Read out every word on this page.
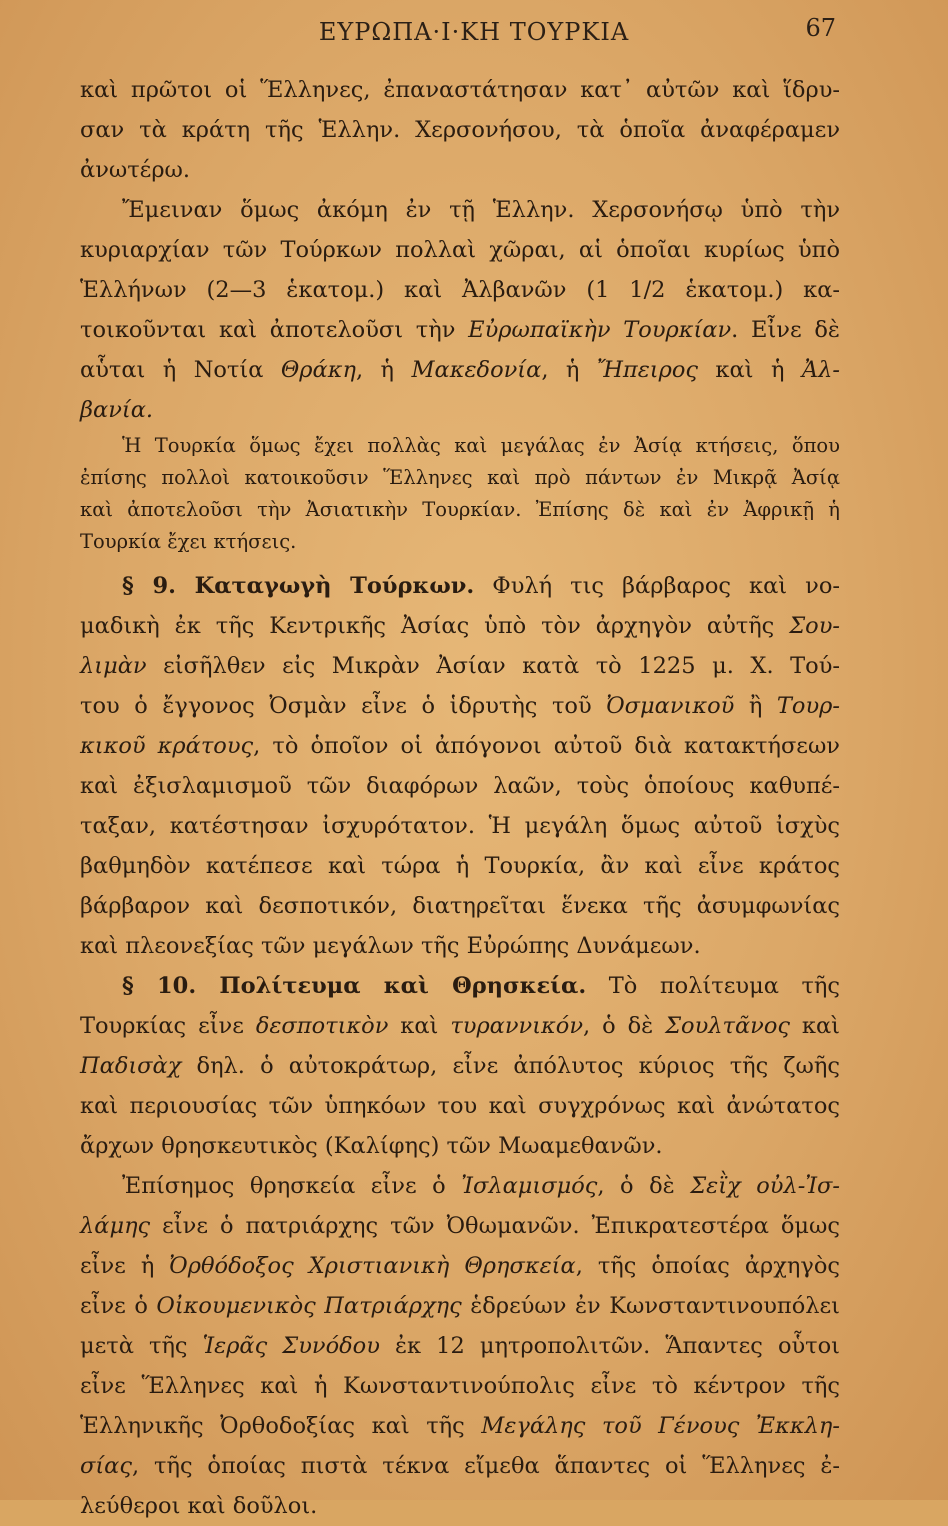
ΕΥΡΩΠΑ·Ι·ΚΗ ΤΟΥΡΚΙΑ	67
καὶ πρῶτοι οἱ Ἕλληνες, ἐπαναστάτησαν κατ᾽ αὐτῶν καὶ ἵδρυ-
σαν τὰ κράτη τῆς Ἑλλην. Χερσονήσου, τὰ ὁποῖα ἀναφέραμεν
ἀνωτέρω.
Ἔμειναν ὅμως ἀκόμη ἐν τῇ Ἑλλην. Χερσονήσῳ ὑπὸ τὴν
κυριαρχίαν τῶν Τούρκων πολλαὶ χῶραι, αἱ ὁποῖαι κυρίως ὑπὸ
Ἑλλήνων (2—3 ἑκατομ.) καὶ Ἀλβανῶν (1 1/2 ἑκατομ.) κα-
τοικοῦνται καὶ ἀποτελοῦσι τὴν Εὐρωπαϊκὴν Τουρκίαν. Εἶνε δὲ
αὗται ἡ Νοτία Θράκη, ἡ Μακεδονία, ἡ Ἤπειρος καὶ ἡ Ἀλ-
βανία.
Ἡ Τουρκία ὅμως ἔχει πολλὰς καὶ μεγάλας ἐν Ἀσίᾳ κτήσεις, ὅπου
ἐπίσης πολλοὶ κατοικοῦσιν Ἕλληνες καὶ πρὸ πάντων ἐν Μικρᾷ Ἀσίᾳ
καὶ ἀποτελοῦσι τὴν Ἀσιατικὴν Τουρκίαν. Ἐπίσης δὲ καὶ ἐν Ἀφρικῇ ἡ
Τουρκία ἔχει κτήσεις.
§ 9. Καταγωγὴ Τούρκων. Φυλή τις βάρβαρος καὶ νο-
μαδικὴ ἐκ τῆς Κεντρικῆς Ἀσίας ὑπὸ τὸν ἀρχηγὸν αὐτῆς Σου-
λιμὰν εἰσῆλθεν εἰς Μικρὰν Ἀσίαν κατὰ τὸ 1225 μ. Χ. Τού-
του ὁ ἔγγονος Ὀσμὰν εἶνε ὁ ἱδρυτὴς τοῦ Ὀσμανικοῦ ἢ Τουρ-
κικοῦ κράτους, τὸ ὁποῖον οἱ ἀπόγονοι αὐτοῦ διὰ κατακτήσεων
καὶ ἐξισλαμισμοῦ τῶν διαφόρων λαῶν, τοὺς ὁποίους καθυπέ-
ταξαν, κατέστησαν ἰσχυρότατον. Ἡ μεγάλη ὅμως αὐτοῦ ἰσχὺς
βαθμηδὸν κατέπεσε καὶ τώρα ἡ Τουρκία, ἂν καὶ εἶνε κράτος
βάρβαρον καὶ δεσποτικόν, διατηρεῖται ἕνεκα τῆς ἀσυμφωνίας
καὶ πλεονεξίας τῶν μεγάλων τῆς Εὐρώπης Δυνάμεων.
§ 10. Πολίτευμα καὶ Θρησκεία. Τὸ πολίτευμα τῆς
Τουρκίας εἶνε δεσποτικὸν καὶ τυραννικόν, ὁ δὲ Σουλτᾶνος καὶ
Παδισὰχ δηλ. ὁ αὐτοκράτωρ, εἶνε ἀπόλυτος κύριος τῆς ζωῆς
καὶ περιουσίας τῶν ὑπηκόων του καὶ συγχρόνως καὶ ἀνώτατος
ἄρχων θρησκευτικὸς (Καλίφης) τῶν Μωαμεθανῶν.
Ἐπίσημος θρησκεία εἶνε ὁ Ἰσλαμισμός, ὁ δὲ Σεῒχ οὐλ-Ἰσ-
λάμης εἶνε ὁ πατριάρχης τῶν Ὀθωμανῶν. Ἐπικρατεστέρα ὅμως
εἶνε ἡ Ὀρθόδοξος Χριστιανικὴ Θρησκεία, τῆς ὁποίας ἀρχηγὸς
εἶνε ὁ Οἰκουμενικὸς Πατριάρχης ἑδρεύων ἐν Κωνσταντινουπόλει
μετὰ τῆς Ἱερᾶς Συνόδου ἐκ 12 μητροπολιτῶν. Ἅπαντες οὗτοι
εἶνε Ἕλληνες καὶ ἡ Κωνσταντινούπολις εἶνε τὸ κέντρον τῆς
Ἑλληνικῆς Ὀρθοδοξίας καὶ τῆς Μεγάλης τοῦ Γένους Ἐκκλη-
σίας, τῆς ὁποίας πιστὰ τέκνα εἴμεθα ἅπαντες οἱ Ἕλληνες ἐ-
λεύθεροι καὶ δοῦλοι.
